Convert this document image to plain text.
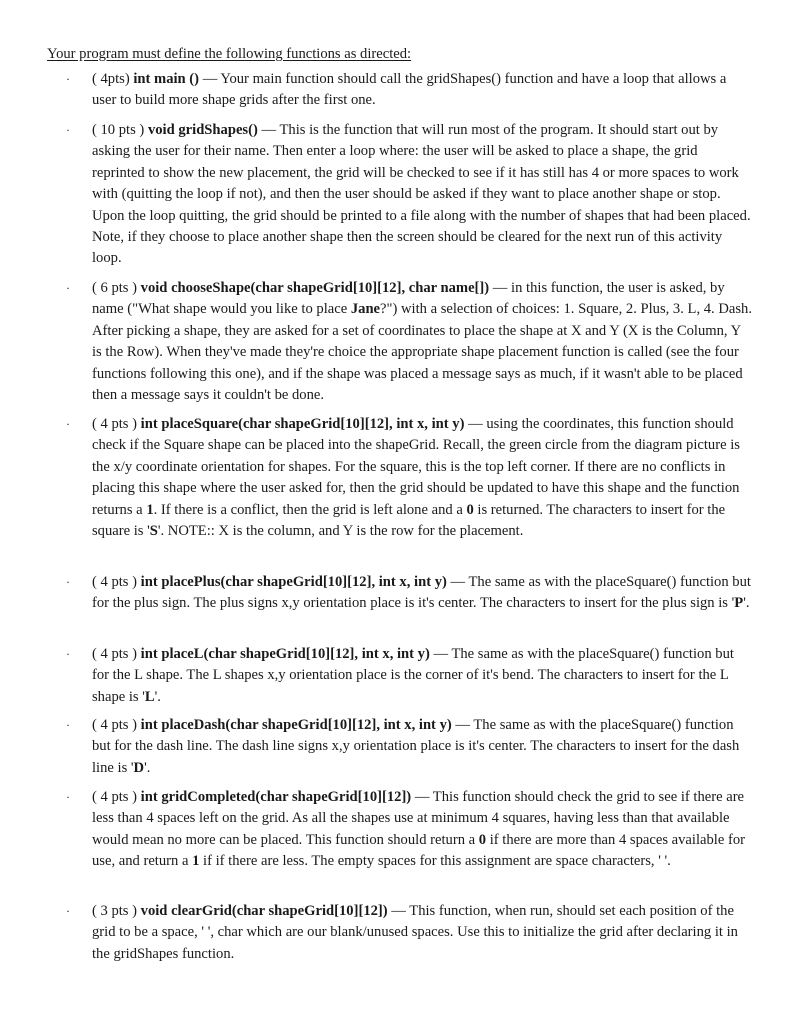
Your program must define the following functions as directed:
· ( 4pts) int main () — Your main function should call the gridShapes() function and have a loop that allows a user to build more shape grids after the first one.

· ( 10 pts ) void gridShapes() — This is the function that will run most of the program. It should start out by asking the user for their name. Then enter a loop where: the user will be asked to place a shape, the grid reprinted to show the new placement, the grid will be checked to see if it has still has 4 or more spaces to work with (quitting the loop if not), and then the user should be asked if they want to place another shape or stop. Upon the loop quitting, the grid should be printed to a file along with the number of shapes that had been placed. Note, if they choose to place another shape then the screen should be cleared for the next run of this activity loop.

· ( 6 pts ) void chooseShape(char shapeGrid[10][12], char name[]) — in this function, the user is asked, by name ("What shape would you like to place Jane?") with a selection of choices: 1. Square, 2. Plus, 3. L, 4. Dash. After picking a shape, they are asked for a set of coordinates to place the shape at X and Y (X is the Column, Y is the Row). When they've made they're choice the appropriate shape placement function is called (see the four functions following this one), and if the shape was placed a message says as much, if it wasn't able to be placed then a message says it couldn't be done.

· ( 4 pts ) int placeSquare(char shapeGrid[10][12], int x, int y) — using the coordinates, this function should check if the Square shape can be placed into the shapeGrid. Recall, the green circle from the diagram picture is the x/y coordinate orientation for shapes. For the square, this is the top left corner. If there are no conflicts in placing this shape where the user asked for, then the grid should be updated to have this shape and the function returns a 1. If there is a conflict, then the grid is left alone and a 0 is returned. The characters to insert for the square is 'S'. NOTE:: X is the column, and Y is the row for the placement.

· ( 4 pts ) int placePlus(char shapeGrid[10][12], int x, int y) — The same as with the placeSquare() function but for the plus sign. The plus signs x,y orientation place is it's center. The characters to insert for the plus sign is 'P'.

· ( 4 pts ) int placeL(char shapeGrid[10][12], int x, int y) — The same as with the placeSquare() function but for the L shape. The L shapes x,y orientation place is the corner of it's bend. The characters to insert for the L shape is 'L'.

· ( 4 pts ) int placeDash(char shapeGrid[10][12], int x, int y) — The same as with the placeSquare() function but for the dash line. The dash line signs x,y orientation place is it's center. The characters to insert for the dash line is 'D'.

· ( 4 pts ) int gridCompleted(char shapeGrid[10][12]) — This function should check the grid to see if there are less than 4 spaces left on the grid. As all the shapes use at minimum 4 squares, having less than that available would mean no more can be placed. This function should return a 0 if there are more than 4 spaces available for use, and return a 1 if if there are less. The empty spaces for this assignment are space characters, ' '.

· ( 3 pts ) void clearGrid(char shapeGrid[10][12]) — This function, when run, should set each position of the grid to be a space, ' ', char which are our blank/unused spaces. Use this to initialize the grid after declaring it in the gridShapes function.
